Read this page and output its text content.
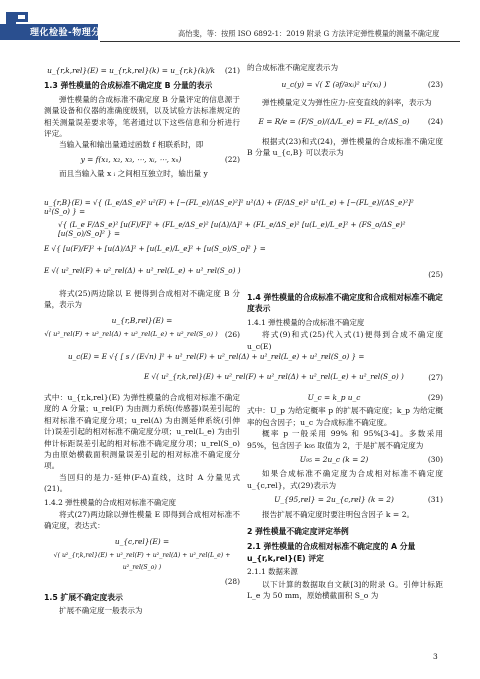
理化检验-物理分册	高怡斐，等：按照 ISO 6892-1：2019 附录 G 方法评定弹性模量的测量不确定度
u_{r,k,rel}(E) = u_{r,k,rel}(k) = u_{r,k}(k)/k	(21)
1.3 弹性模量的合成标准不确定度 B 分量的表示

弹性模量的合成标准不确定度 B 分量评定的信息源于测量设备和仪器的准确度级别，以及试验方法标准规定的相关测量误差要求等，笔者通过以下这些信息和分析进行评定。

当输入量和输出量通过函数 f 相联系时，即

y = f(x₁, x₂, x₃, ⋯, xᵢ, ⋯, xₙ)	(22)

而且当输入量 x ᵢ 之间相互独立时，输出量 y

的合成标准不确定度表示为

u_c(y) = √( Σ (∂f/∂xᵢ)² u²(xᵢ) )	(23)

弹性模量定义为弹性应力-应变直线的斜率，表示为

E = R/e = (F/S_o)/(Δ/L_e) = FL_e/(ΔS_o)	(24)

根据式(23)和式(24)，弹性模量的合成标准不确定度 B 分量 u_{c,B} 可以表示为

u_{r,B}(E) = √{ (L_e/ΔS_e)² u²(F) + [−(FL_e)/(ΔS_e)²]² u²(Δ) + (F/ΔS_e)² u²(L_e) + [−(FL_e)/(ΔS_e)²]² u²(S_o) } =
√{ (L_e F/ΔS_e)² [u(F)/F]² + (FL_e/ΔS_e)² [u(Δ)/Δ]² + (FL_e/ΔS_e)² [u(L_e)/L_e]² + (FS_o/ΔS_e)² [u(S_o)/S_o]² } =
E √{ [u(F)/F]² + [u(Δ)/Δ]² + [u(L_e)/L_e]² + [u(S_o)/S_o]² } =
E √( u²_rel(F) + u²_rel(Δ) + u²_rel(L_e) + u²_rel(S_o) )	(25)

将式(25)两边除以 E 便得到合成相对不确定度 B 分量，表示为

u_{r,B,rel}(E) =
√( u²_rel(F) + u²_rel(Δ) + u²_rel(L_e) + u²_rel(S_o) ) (26)
u_c(E) = E √{ [ s / (E√n) ]² + u²_rel(F) + u²_rel(Δ) + u²_rel(L_e) + u²_rel(S_o) } =
E √( u²_{r,k,rel}(E) + u²_rel(F) + u²_rel(Δ) + u²_rel(L_e) + u²_rel(S_o) )	(27)

式中：u_{r,k,rel}(E) 为弹性模量的合成相对标准不确定度的 A 分量；u_rel(F) 为由测力系统(传感器)误差引起的相对标准不确定度分项；u_rel(Δ) 为由测延伸系统(引伸计)误差引起的相对标准不确定度分项；u_rel(L_e) 为由引伸计标距误差引起的相对标准不确定度分项；u_rel(S_o) 为由原始横截面积测量误差引起的相对标准不确定度分项。

当回归的是力-延伸(F-Δ)直线，这时 A 分量见式(21)。

1.4.2 弹性模量的合成相对标准不确定度

将式(27)两边除以弹性模量 E 即得到合成相对标准不确定度，表达式：

u_{c,rel}(E) =
√( u²_{r,k,rel}(E) + u²_rel(F) + u²_rel(Δ) + u²_rel(L_e) + u²_rel(S_o) )
(28)
1.5 扩展不确定度表示

扩展不确定度一般表示为

1.4 弹性模量的合成标准不确定度和合成相对标准不确定度表示
1.4.1 弹性模量的合成标准不确定度

将式(9)和式(25)代入式(1)便得到合成不确定度 u_c(E)

U_c = k_p u_c	(29)

式中：U_p 为给定概率 p 的扩展不确定度；k_p 为给定概率的包含因子；u_c 为合成标准不确定度。

概率 p 一般采用 99% 和 95%[3-4]。多数采用 95%，包含因子 k₉₅ 取值为 2，于是扩展不确定度为

U₉₅ = 2u_c (k = 2)	(30)

如果合成标准不确定度为合成相对标准不确定度 u_{c,rel}，式(29)表示为

U_{95,rel} = 2u_{c,rel} (k = 2)	(31)

报告扩展不确定度时要注明包含因子 k = 2。

2 弹性模量不确定度评定举例
2.1 弹性模量的合成相对标准不确定度的 A 分量 u_{r,k,rel}(E) 评定
2.1.1 数据来源

以下计算的数据取自文献[3]的附录 G。引伸计标距 L_e 为 50 mm，原始横截面积 S_o 为

3
